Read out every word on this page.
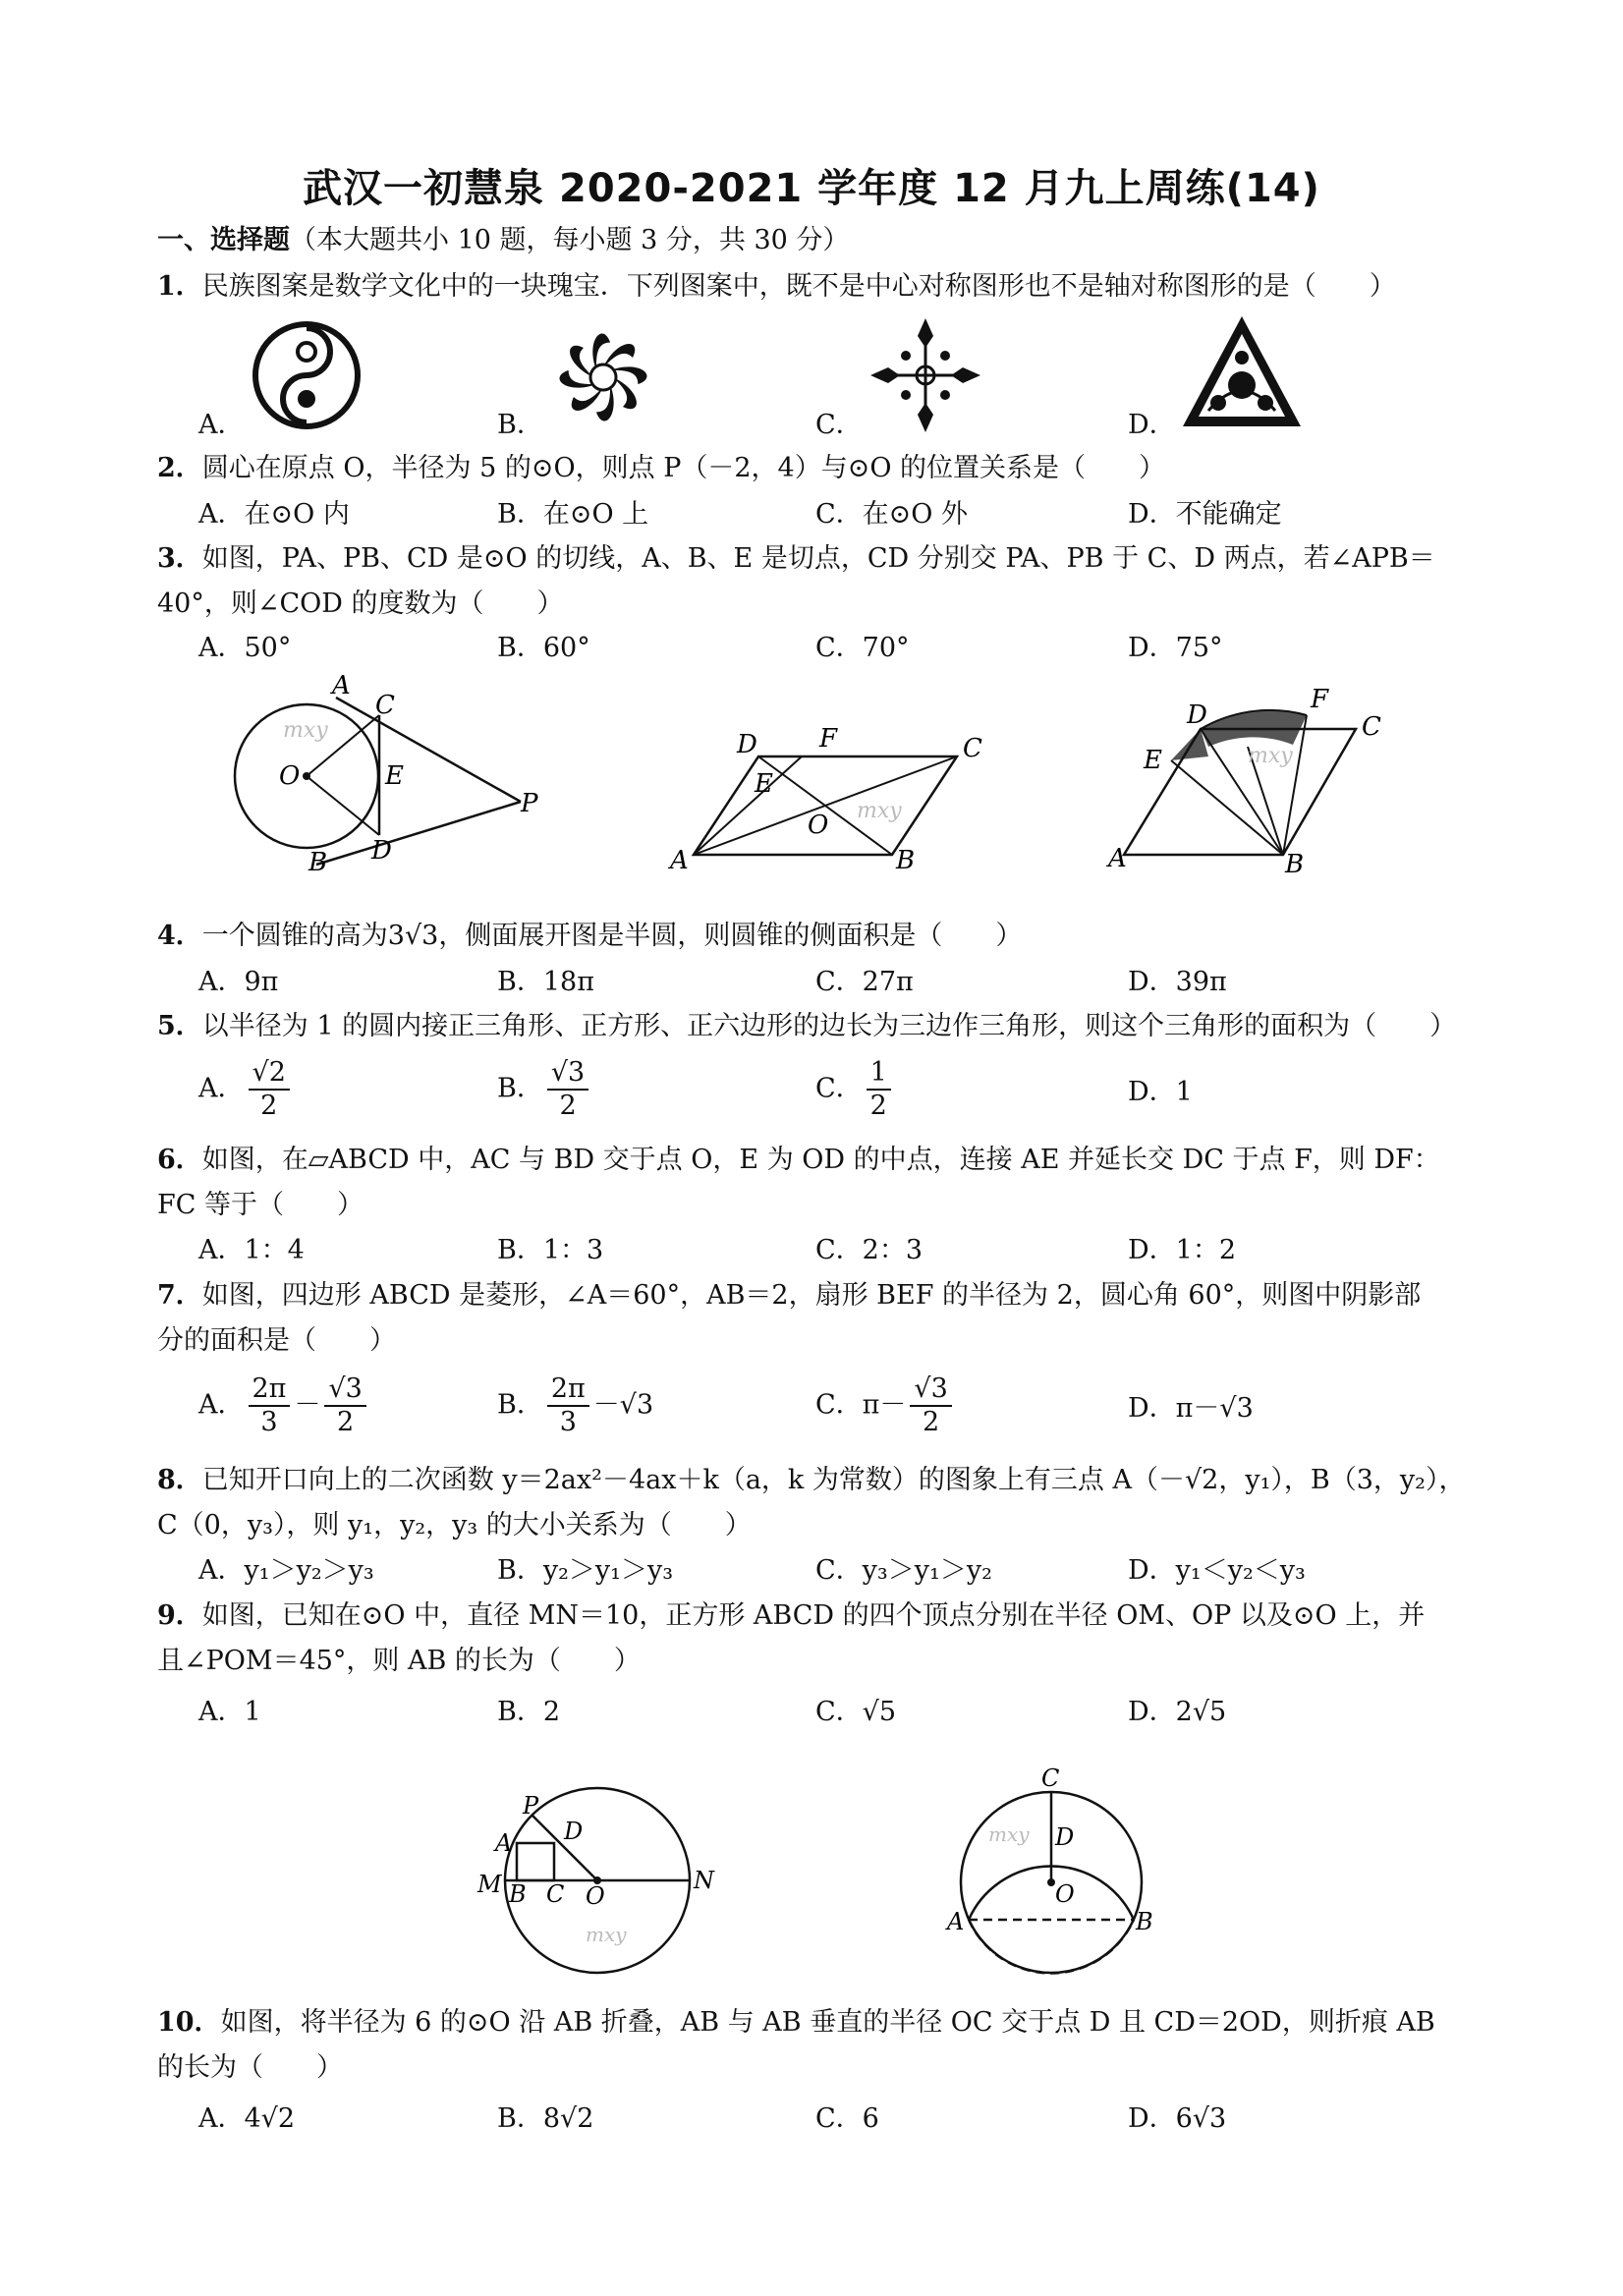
武汉一初慧泉 2020-2021 学年度 12 月九上周练(14)
一、选择题（本大题共小 10 题，每小题 3 分，共 30 分）
1．民族图案是数学文化中的一块瑰宝．下列图案中，既不是中心对称图形也不是轴对称图形的是（　　）
A．	B．	C．	D．
2．圆心在原点 O，半径为 5 的⊙O，则点 P（－2，4）与⊙O 的位置关系是（　　）
A．在⊙O 内	B．在⊙O 上	C．在⊙O 外	D．不能确定
3．如图，PA、PB、CD 是⊙O 的切线，A、B、E 是切点，CD 分别交 PA、PB 于 C、D 两点，若∠APB＝
40°，则∠COD 的度数为（　　）
A．50°	B．60°	C．70°	D．75°
A
C
O	E
P
B D
mxy	D F	C
E
O
A	B
mxy
D
F
C
E
A	B
mxy
4．一个圆锥的高为3√3，侧面展开图是半圆，则圆锥的侧面积是（　　）
A．9π	B．18π	C．27π	D．39π
5．以半径为 1 的圆内接正三角形、正方形、正六边形的边长为三边作三角形，则这个三角形的面积为（　　）
A． $\frac{√2}{2}$	B． $\frac{√3}{2}$	C． $\frac{1}{2}$	D．1
6．如图，在▱ABCD 中，AC 与 BD 交于点 O，E 为 OD 的中点，连接 AE 并延长交 DC 于点 F，则 DF：
FC 等于（　　）
A．1：4	B．1：3	C．2：3	D．1：2
7．如图，四边形 ABCD 是菱形，∠A＝60°，AB＝2，扇形 BEF 的半径为 2，圆心角 60°，则图中阴影部
分的面积是（　　）
A． $\frac{2\pi}{3} - \frac{√3}{2}$	B． $\frac{2\pi}{3} -√3$	C．$\pi- \frac{√3}{2}$	D．π－√3
8．已知开口向上的二次函数 y＝2ax²－4ax＋k（a，k 为常数）的图象上有三点 A（－√2，y₁），B（3，y₂），
C（0，y₃），则 y₁，y₂，y₃ 的大小关系为（　　）
A．y₁＞y₂＞y₃	B．y₂＞y₁＞y₃	C．y₃＞y₁＞y₂	D．y₁＜y₂＜y₃
9．如图，已知在⊙O 中，直径 MN＝10，正方形 ABCD 的四个顶点分别在半径 OM、OP 以及⊙O 上，并
且∠POM＝45°，则 AB 的长为（　　）
A．1	B．2	C．√5	D．2√5
P
D
A
M B C O
N
mxy
C
D
O
A	B
mxy
10．如图，将半径为 6 的⊙O 沿 AB 折叠，AB 与 AB 垂直的半径 OC 交于点 D 且 CD＝2OD，则折痕 AB
的长为（　　）
A．4√2	B．8√2	C．6	D．6√3
